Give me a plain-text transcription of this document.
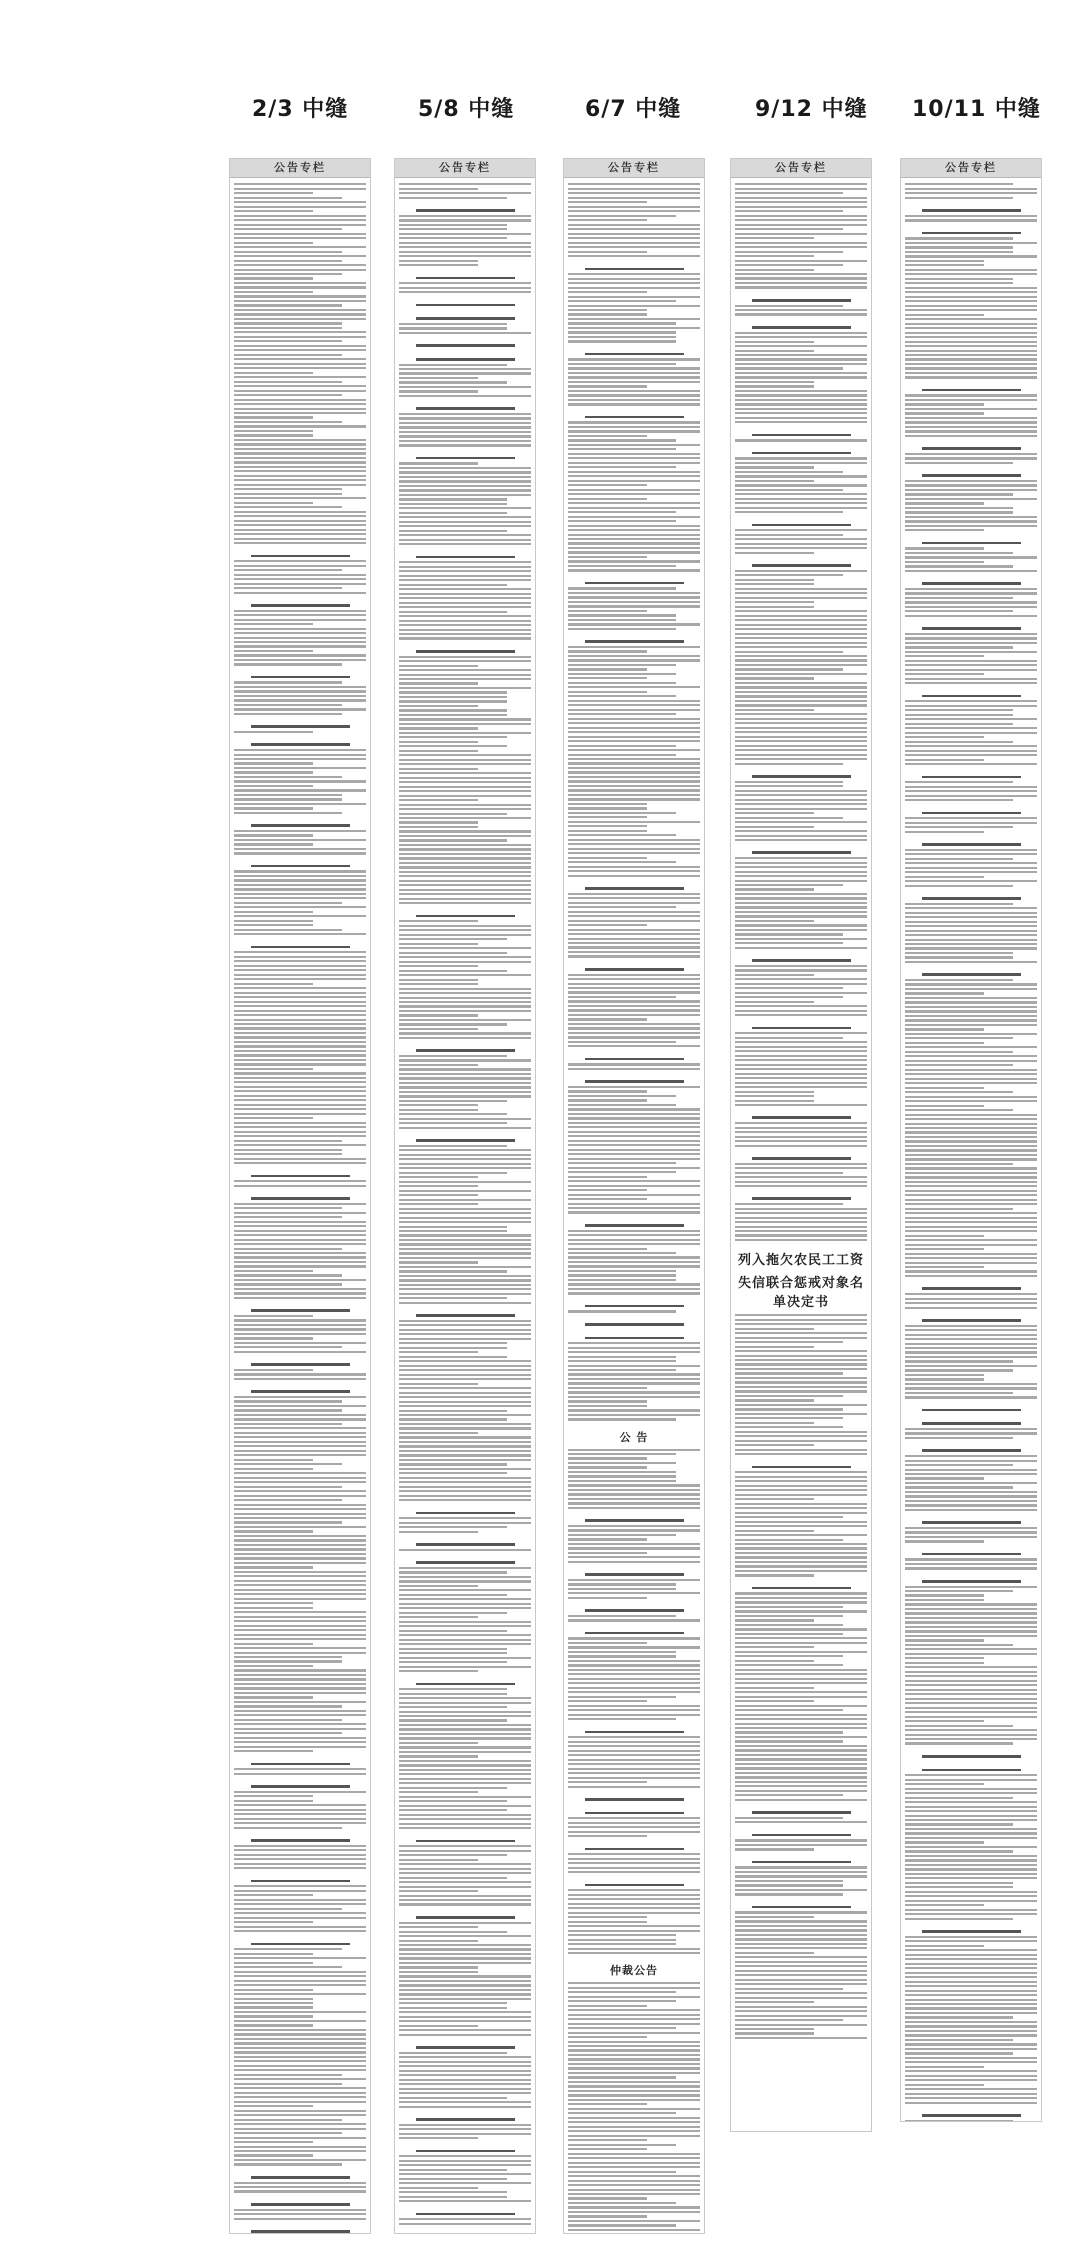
2/3 中缝	5/8 中缝	6/7 中缝	9/12 中缝 10/11 中缝
公告专栏	公告专栏	公告专栏
公 告
仲裁公告
公告专栏
列入拖欠农民工工资
失信联合惩戒对象名单决定书
公告专栏
